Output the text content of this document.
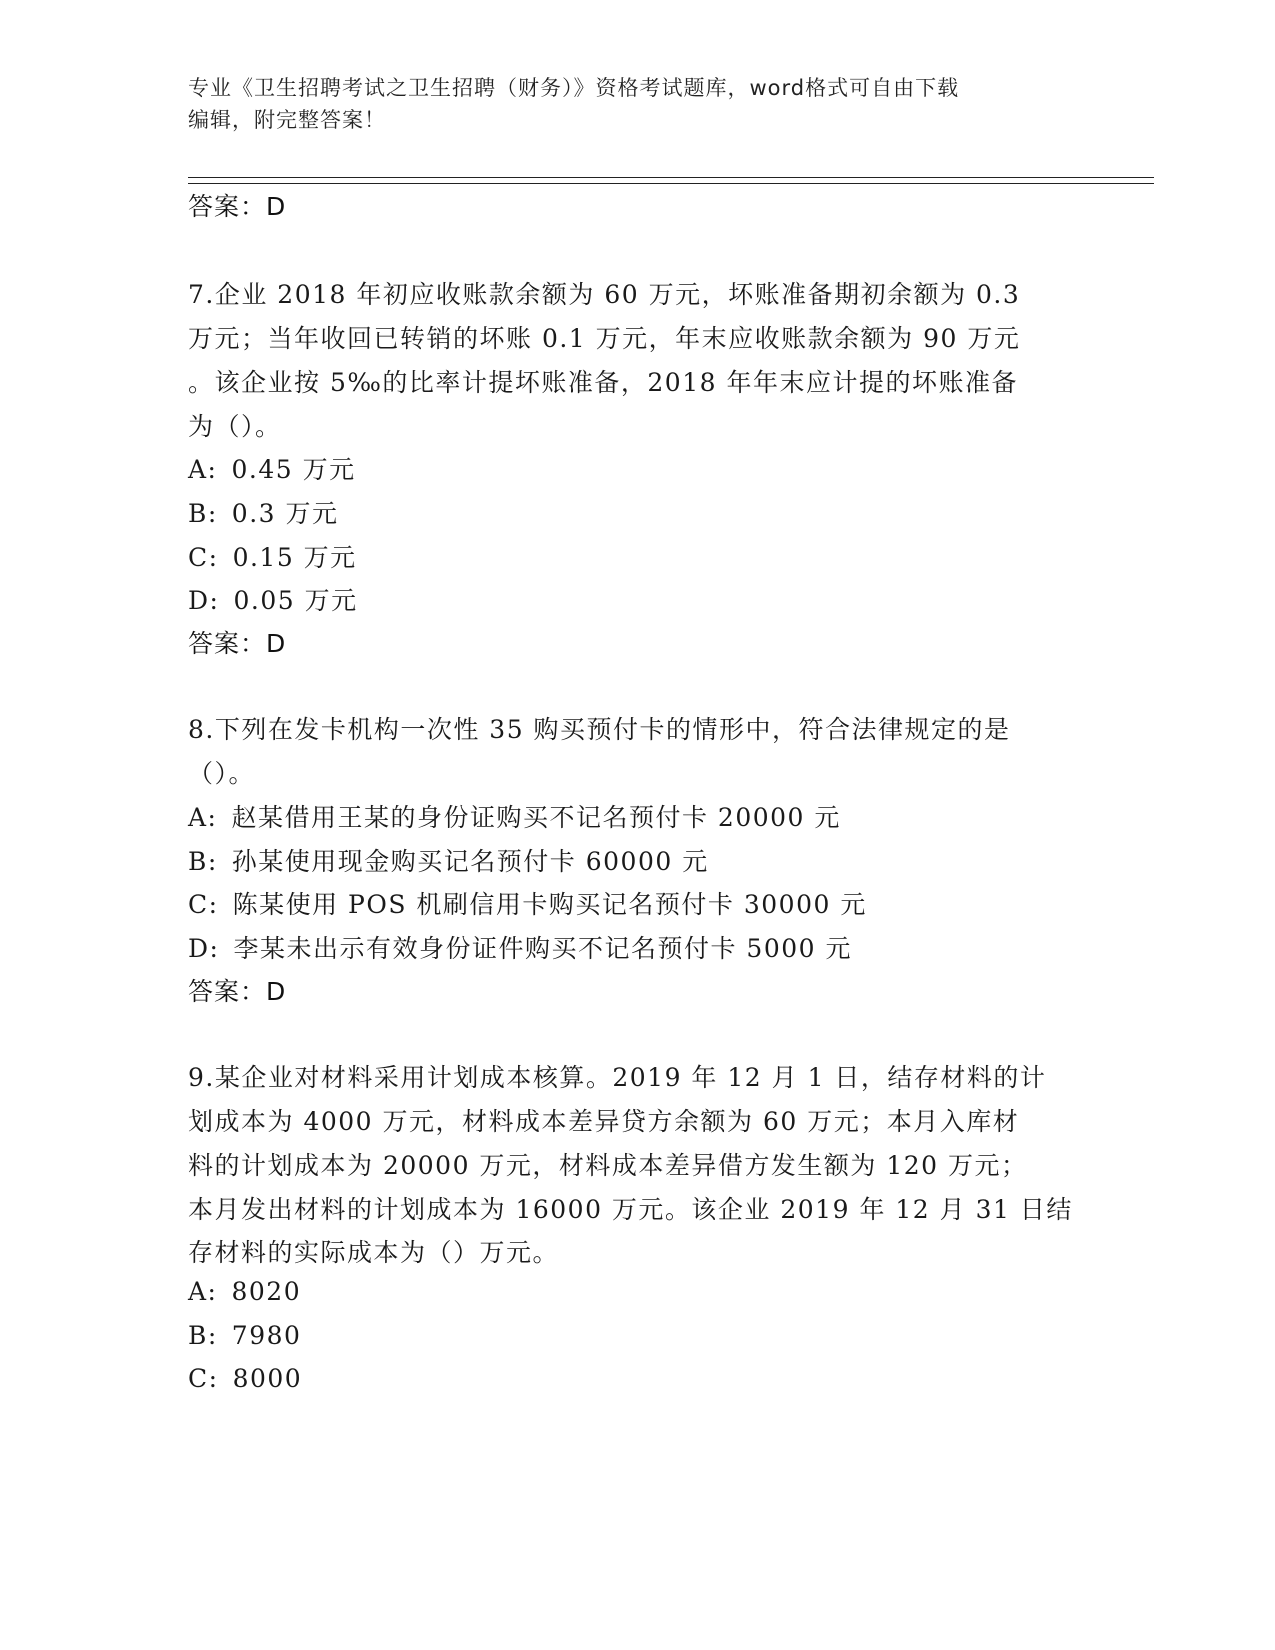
专业《卫生招聘考试之卫生招聘（财务）》资格考试题库，word格式可自由下载
编辑，附完整答案！
答案：D
7.企业 2018 年初应收账款余额为 60 万元，坏账准备期初余额为 0.3
万元；当年收回已转销的坏账 0.1 万元，年末应收账款余额为 90 万元
。该企业按 5‰的比率计提坏账准备，2018 年年末应计提的坏账准备
为（）。
A: 0.45 万元
B: 0.3 万元
C: 0.15 万元
D: 0.05 万元
答案：D
8.下列在发卡机构一次性 35 购买预付卡的情形中，符合法律规定的是
（）。
A: 赵某借用王某的身份证购买不记名预付卡 20000 元
B: 孙某使用现金购买记名预付卡 60000 元
C: 陈某使用 POS 机刷信用卡购买记名预付卡 30000 元
D: 李某未出示有效身份证件购买不记名预付卡 5000 元
答案：D
9.某企业对材料采用计划成本核算。2019 年 12 月 1 日，结存材料的计
划成本为 4000 万元，材料成本差异贷方余额为 60 万元；本月入库材
料的计划成本为 20000 万元，材料成本差异借方发生额为 120 万元；
本月发出材料的计划成本为 16000 万元。该企业 2019 年 12 月 31 日结
存材料的实际成本为（）万元。
A: 8020
B: 7980
C: 8000
